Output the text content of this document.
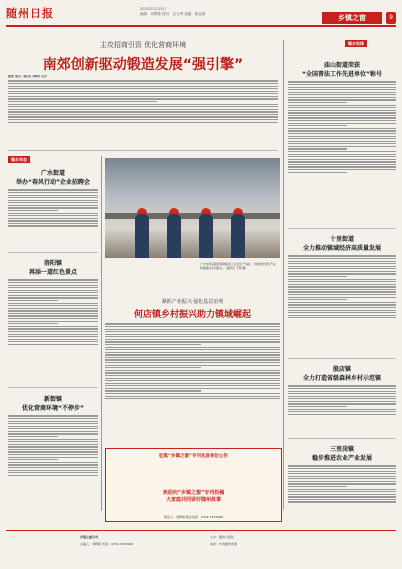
随州日报	2021年3月15日
编辑：刘辉煌 校对：汪文秀 美编：熊金强	乡镇之窗	9
主攻招商引资 优化营商环境
南郊创新驱动锻造发展“强引擎”
随州日报讯（通讯员 刘辉煌 汪涛）
镇乡经纬
镇乡动态
广水街道
举办“春风行动”企业招聘会
洛阳镇
再添一道红色景点
新街镇
优化营商环境“不停步”
广水市何店镇香菇种植加工企业生产车间，当地依托特色产业，积极推动乡村振兴。（通讯员 王辉 摄）
紧抓产业振兴 强化基层治理
何店镇乡村振兴助力镇域崛起
征集“乡镇之窗”专刊先进单位公告
欢迎向“乡镇之窗”专刊投稿
大家庭共同讲好随州故事
联系人：刘辉煌 联系电话：0722-3315996
庙山街道荣获
“全国普法工作先进单位”称号
十里街道
全力推动镇域经济高质量发展
殷店镇
全力打造省级森林乡村示范镇
三里岗镇
稳步推进农业产业发展
乡镇之窗专刊
主编人：刘辉煌 电话：0722-3315996
主办：随州日报社
承办：中共随州市委
